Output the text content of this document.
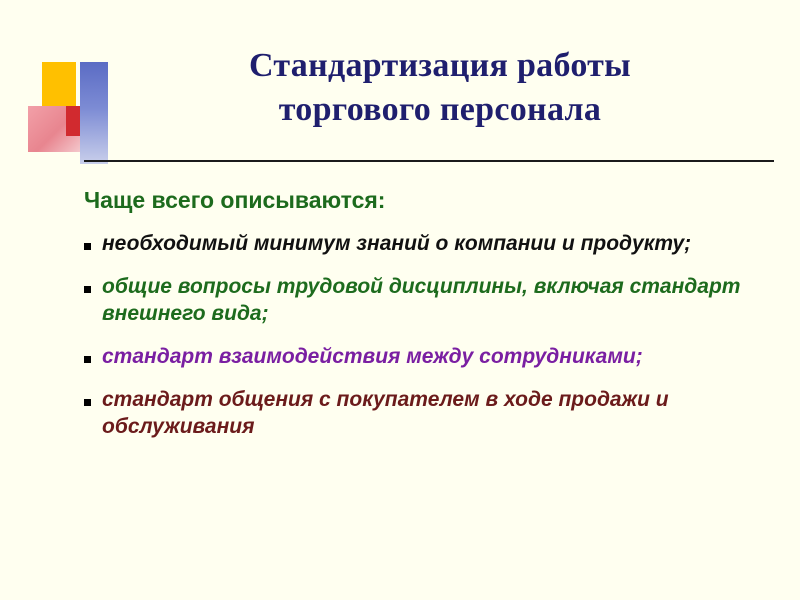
Стандартизация работы
торгового персонала

Чаще всего описываются:

необходимый минимум знаний о компании и продукту;
общие вопросы трудовой дисциплины, включая стандарт внешнего вида;
стандарт взаимодействия между сотрудниками;
стандарт общения с покупателем в ходе продажи и обслуживания
